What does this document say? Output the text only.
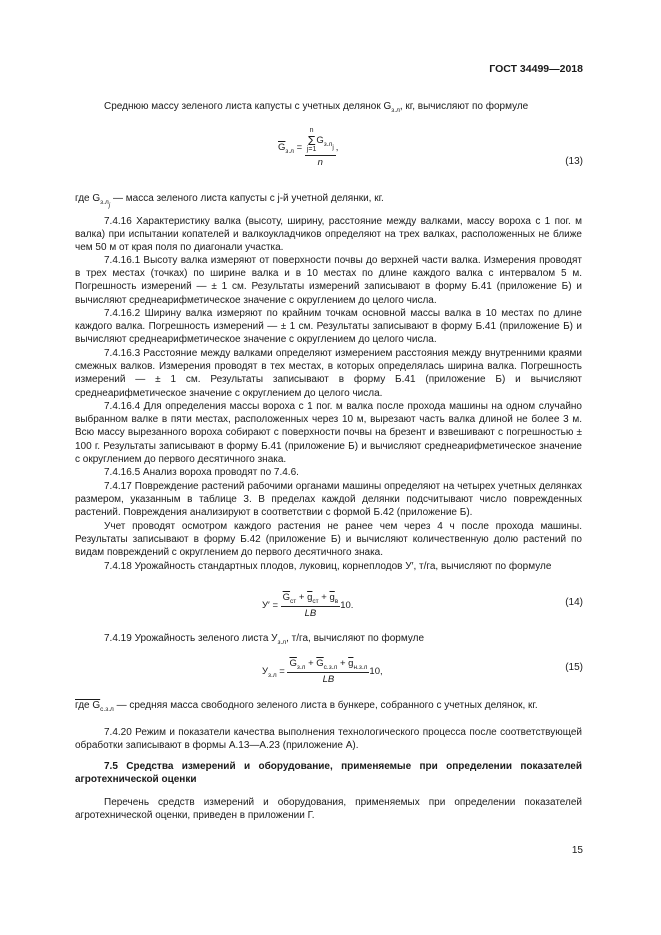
ГОСТ 34499—2018

Среднюю массу зеленого листа капусты с учетных делянок $G_{з.л}$, кг, вычисляют по формуле

$\overline{G}_{з.л} = n$
Σ
j=1
$G_{з.л_j}$
n ,
(13)

где $G_{з.л_j}$ — масса зеленого листа капусты с j-й учетной делянки, кг.

7.4.16 Характеристику валка (высоту, ширину, расстояние между валками, массу вороха с 1 пог. м валка) при испытании копателей и валкоукладчиков определяют на трех валках, расположенных не ближе чем 50 м от края поля по диагонали участка.

7.4.16.1 Высоту валка измеряют от поверхности почвы до верхней части валка. Измерения проводят в трех местах (точках) по ширине валка и в 10 местах по длине каждого валка с интервалом 5 м. Погрешность измерений — ± 1 см. Результаты измерений записывают в форму Б.41 (приложение Б) и вычисляют среднеарифметическое значение с округлением до целого числа.

7.4.16.2 Ширину валка измеряют по крайним точкам основной массы валка в 10 местах по длине каждого валка. Погрешность измерений — ± 1 см. Результаты записывают в форму Б.41 (приложение Б) и вычисляют среднеарифметическое значение с округлением до целого числа.

7.4.16.3 Расстояние между валками определяют измерением расстояния между внутренними краями смежных валков. Измерения проводят в тех местах, в которых определялась ширина валка. Погрешность измерений — ± 1 см. Результаты записывают в форму Б.41 (приложение Б) и вычисляют среднеарифметическое значение с округлением до целого числа.

7.4.16.4 Для определения массы вороха с 1 пог. м валка после прохода машины на одном случайно выбранном валке в пяти местах, расположенных через 10 м, вырезают часть валка длиной не более 3 м. Всю массу вырезанного вороха собирают с поверхности почвы на брезент и взвешивают с погрешностью ± 100 г. Результаты записывают в форму Б.41 (приложение Б) и вычисляют среднеарифметическое значение с округлением до первого десятичного знака.

7.4.16.5 Анализ вороха проводят по 7.4.6.

7.4.17 Повреждение растений рабочими органами машины определяют на четырех учетных делянках размером, указанным в таблице 3. В пределах каждой делянки подсчитывают число поврежденных растений. Повреждения анализируют в соответствии с формой Б.42 (приложение Б).

Учет проводят осмотром каждого растения не ранее чем через 4 ч после прохода машины. Результаты записывают в форму Б.42 (приложение Б) и вычисляют количественную долю растений по видам повреждений с округлением до первого десятичного знака.

7.4.18 Урожайность стандартных плодов, луковиц, корнеплодов У′, т/га, вычисляют по формуле

$У' = \frac{\overline{G}_{ст} + \overline{g}_{ст} + \overline{g}_в}{LB} 10$.	(14)

7.4.19 Урожайность зеленого листа $У_{з.л}$, т/га, вычисляют по формуле

$У_{з.л} = \frac{\overline{G}_{з.л} + \overline{G}_{с.з.л} + \overline{g}_{н.з.л}}{LB} 10$,	(15)

где $G_{с.з.л}$ — средняя масса свободного зеленого листа в бункере, собранного с учетных делянок, кг.

7.4.20 Режим и показатели качества выполнения технологического процесса после соответствующей обработки записывают в формы А.13—А.23 (приложение А).

7.5 Средства измерений и оборудование, применяемые при определении показателей агротехнической оценки

Перечень средств измерений и оборудования, применяемых при определении показателей агротехнической оценки, приведен в приложении Г.

15
